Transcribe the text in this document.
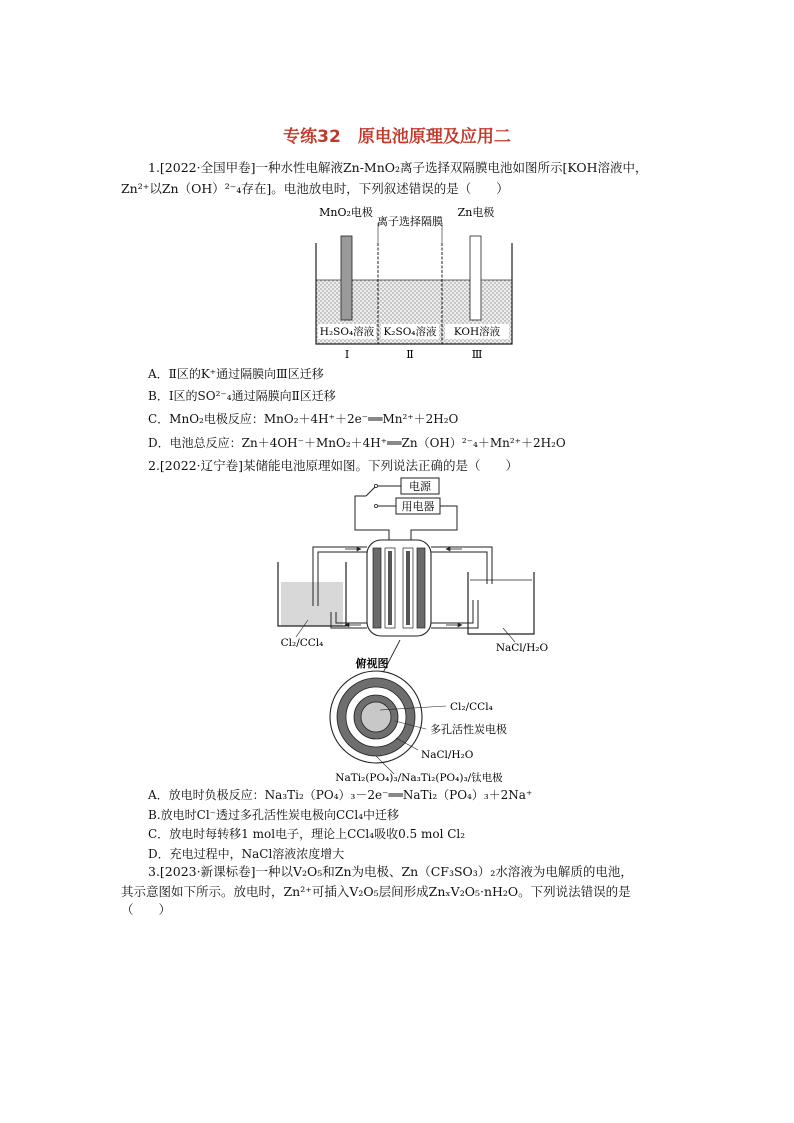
专练32　原电池原理及应用二
1.[2022·全国甲卷]一种水性电解液Zn-MnO₂离子选择双隔膜电池如图所示[KOH溶液中，
Zn²⁺以Zn（OH）²⁻₄存在]。电池放电时，下列叙述错误的是（　　）
MnO₂电极
离子选择隔膜
Zn电极
H₂SO₄溶液 K₂SO₄溶液 KOH溶液
Ⅰ	Ⅱ	Ⅲ
A．Ⅱ区的K⁺通过隔膜向Ⅲ区迁移
B．Ⅰ区的SO²⁻₄通过隔膜向Ⅱ区迁移
C．MnO₂电极反应：MnO₂＋4H⁺＋2e⁻══Mn²⁺＋2H₂O
D．电池总反应：Zn＋4OH⁻＋MnO₂＋4H⁺══Zn（OH）²⁻₄＋Mn²⁺＋2H₂O
2.[2022·辽宁卷]某储能电池原理如图。下列说法正确的是（　　）
电源
用电器
Cl₂/CCl₄	NaCl/H₂O
俯视图
Cl₂/CCl₄
多孔活性炭电极
NaCl/H₂O
NaTi₂(PO₄)₃/Na₃Ti₂(PO₄)₃/钛电极
A．放电时负极反应：Na₃Ti₂（PO₄）₃－2e⁻══NaTi₂（PO₄）₃＋2Na⁺
B.放电时Cl⁻透过多孔活性炭电极向CCl₄中迁移
C．放电时每转移1 mol电子，理论上CCl₄吸收0.5 mol Cl₂
D．充电过程中，NaCl溶液浓度增大
3.[2023·新课标卷]一种以V₂O₅和Zn为电极、Zn（CF₃SO₃）₂水溶液为电解质的电池，
其示意图如下所示。放电时，Zn²⁺可插入V₂O₅层间形成ZnₓV₂O₅·nH₂O。下列说法错误的是
（　　）
